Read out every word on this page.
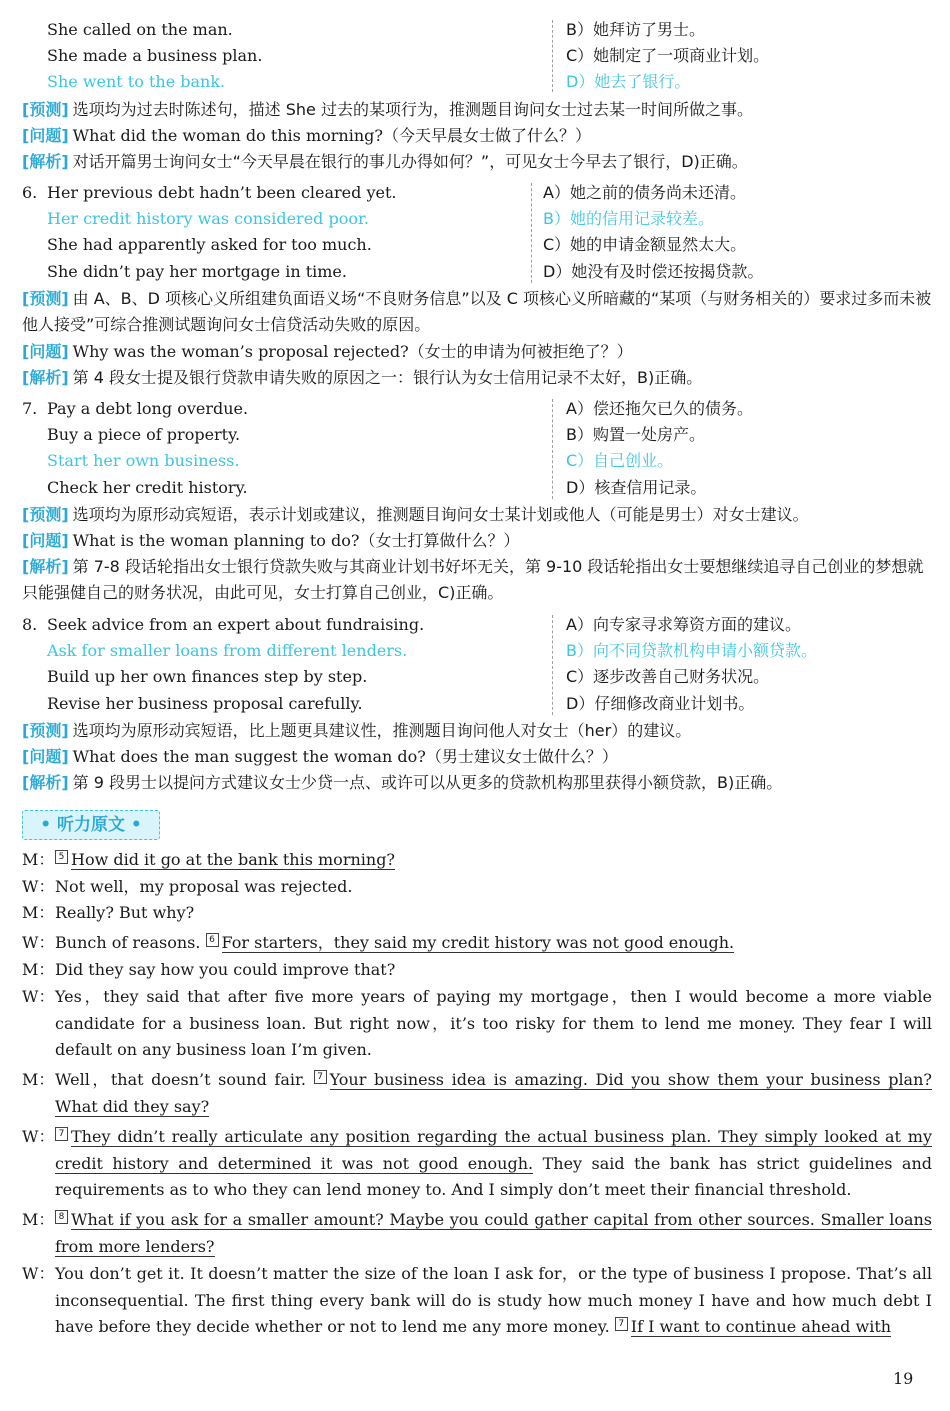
She called on the man.	B）她拜访了男士。
She made a business plan.	C）她制定了一项商业计划。
She went to the bank.	D）她去了银行。
[预测] 选项均为过去时陈述句，描述 She 过去的某项行为，推测题目询问女士过去某一时间所做之事。
[问题] What did the woman do this morning?（今天早晨女士做了什么？）
[解析] 对话开篇男士询问女士“今天早晨在银行的事儿办得如何？”，可见女士今早去了银行，D)正确。
6. Her previous debt hadn’t been cleared yet.	A）她之前的债务尚未还清。
Her credit history was considered poor.	B）她的信用记录较差。
She had apparently asked for too much.	C）她的申请金额显然太大。
She didn’t pay her mortgage in time.	D）她没有及时偿还按揭贷款。
[预测] 由 A、B、D 项核心义所组建负面语义场“不良财务信息”以及 C 项核心义所暗藏的“某项（与财务相关的）要求过多而未被他人接受”可综合推测试题询问女士信贷活动失败的原因。
[问题] Why was the woman’s proposal rejected?（女士的申请为何被拒绝了？）
[解析] 第 4 段女士提及银行贷款申请失败的原因之一：银行认为女士信用记录不太好，B)正确。
7. Pay a debt long overdue.	A）偿还拖欠已久的债务。
Buy a piece of property.	B）购置一处房产。
Start her own business.	C）自己创业。
Check her credit history.	D）核查信用记录。
[预测] 选项均为原形动宾短语，表示计划或建议，推测题目询问女士某计划或他人（可能是男士）对女士建议。
[问题] What is the woman planning to do?（女士打算做什么？）
[解析] 第 7-8 段话轮指出女士银行贷款失败与其商业计划书好坏无关，第 9-10 段话轮指出女士要想继续追寻自己创业的梦想就只能强健自己的财务状况，由此可见，女士打算自己创业，C)正确。
8. Seek advice from an expert about fundraising.	A）向专家寻求筹资方面的建议。
Ask for smaller loans from different lenders.	B）向不同贷款机构申请小额贷款。
Build up her own finances step by step.	C）逐步改善自己财务状况。
Revise her business proposal carefully.	D）仔细修改商业计划书。
[预测] 选项均为原形动宾短语，比上题更具建议性，推测题目询问他人对女士（her）的建议。
[问题] What does the man suggest the woman do?（男士建议女士做什么？）
[解析] 第 9 段男士以提问方式建议女士少贷一点、或许可以从更多的贷款机构那里获得小额贷款，B)正确。
• 听力原文 •
M： 5 How did it go at the bank this morning?
W： Not well，my proposal was rejected.
M： Really? But why?
W： Bunch of reasons. 6 For starters，they said my credit history was not good enough.
M： Did they say how you could improve that?
W： Yes，they said that after five more years of paying my mortgage，then I would become a more viable candidate for a business loan. But right now，it’s too risky for them to lend me money. They fear I will default on any business loan I’m given.
M： Well，that doesn’t sound fair. 7 Your business idea is amazing. Did you show them your business plan? What did they say?
W： 7 They didn’t really articulate any position regarding the actual business plan. They simply looked at my credit history and determined it was not good enough. They said the bank has strict guidelines and requirements as to who they can lend money to. And I simply don’t meet their financial threshold.
M： 8 What if you ask for a smaller amount? Maybe you could gather capital from other sources. Smaller loans from more lenders?
W： You don’t get it. It doesn’t matter the size of the loan I ask for，or the type of business I propose. That’s all inconsequential. The first thing every bank will do is study how much money I have and how much debt I have before they decide whether or not to lend me any more money. 7 If I want to continue ahead with
19
